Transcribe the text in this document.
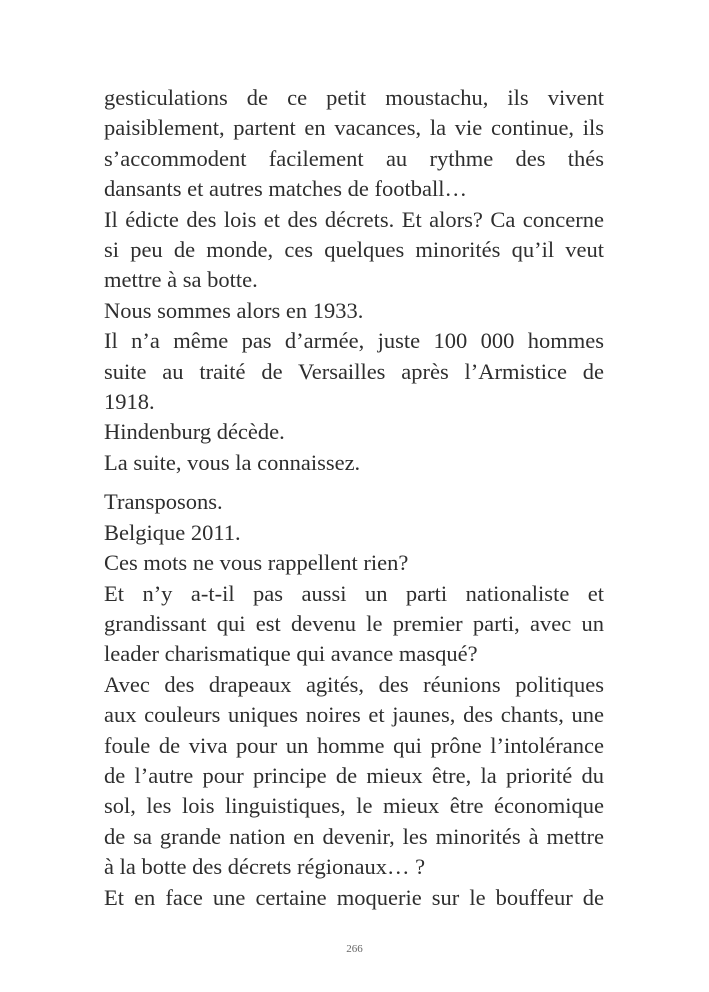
gesticulations de ce petit moustachu, ils vivent
paisiblement, partent en vacances, la vie continue, ils
s’accommodent facilement au rythme des thés
dansants et autres matches de football…
Il édicte des lois et des décrets. Et alors? Ca concerne
si peu de monde, ces quelques minorités qu’il veut
mettre à sa botte.
Nous sommes alors en 1933.
Il n’a même pas d’armée, juste 100 000 hommes
suite au traité de Versailles après l’Armistice de
1918.
Hindenburg décède.
La suite, vous la connaissez.
Transposons.
Belgique 2011.
Ces mots ne vous rappellent rien?
Et n’y a-t-il pas aussi un parti nationaliste et
grandissant qui est devenu le premier parti, avec un
leader charismatique qui avance masqué?
Avec des drapeaux agités, des réunions politiques
aux couleurs uniques noires et jaunes, des chants, une
foule de viva pour un homme qui prône l’intolérance
de l’autre pour principe de mieux être, la priorité du
sol, les lois linguistiques, le mieux être économique
de sa grande nation en devenir, les minorités à mettre
à la botte des décrets régionaux… ?
Et en face une certaine moquerie sur le bouffeur de
266
